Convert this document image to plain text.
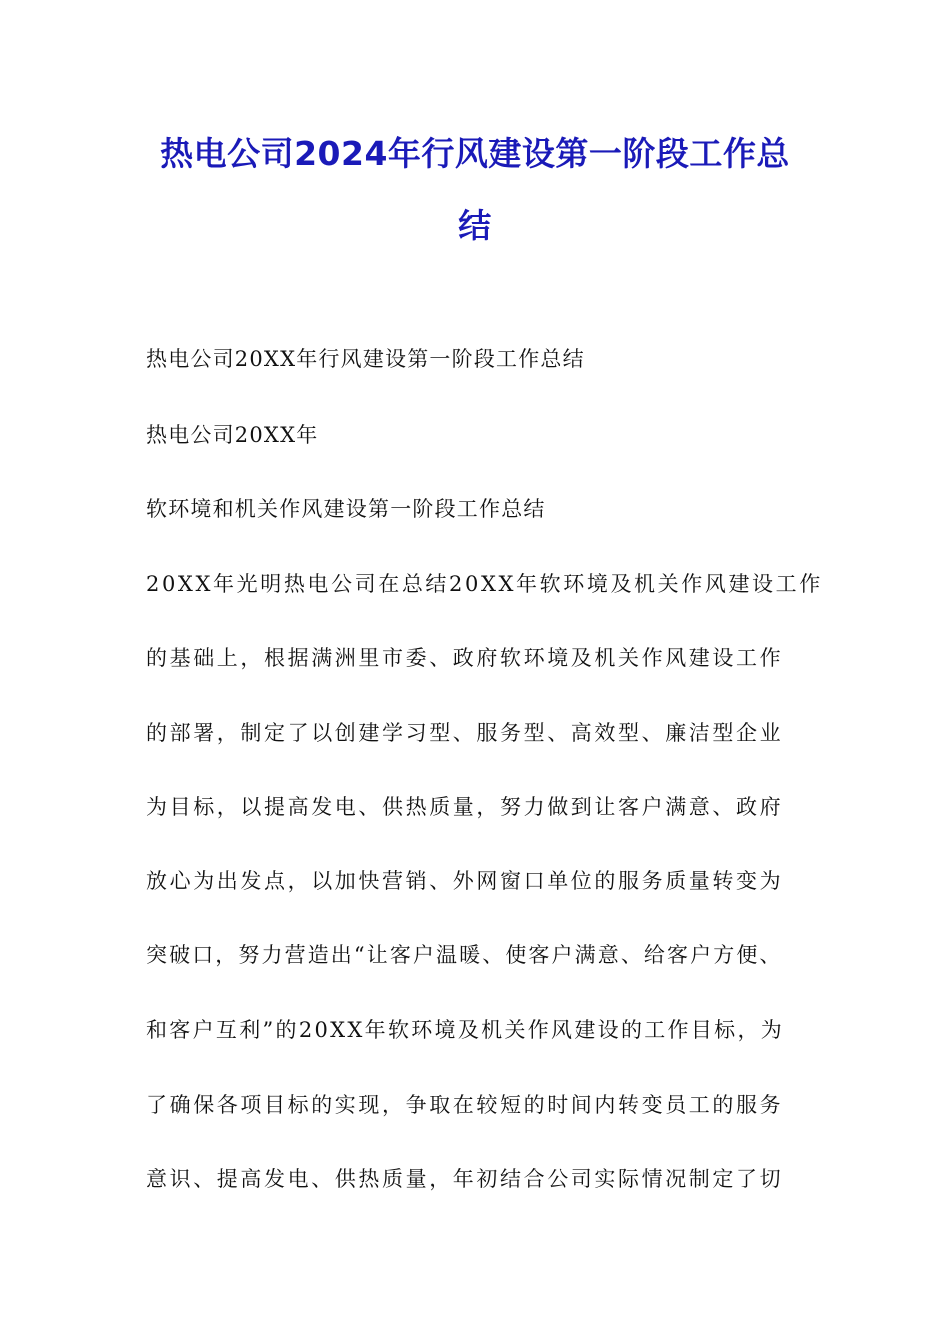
热电公司2024年行风建设第一阶段工作总
结

热电公司20XX年行风建设第一阶段工作总结

热电公司20XX年

软环境和机关作风建设第一阶段工作总结

20XX年光明热电公司在总结20XX年软环境及机关作风建设工作

的基础上，根据满洲里市委、政府软环境及机关作风建设工作

的部署，制定了以创建学习型、服务型、高效型、廉洁型企业

为目标，以提高发电、供热质量，努力做到让客户满意、政府

放心为出发点，以加快营销、外网窗口单位的服务质量转变为

突破口，努力营造出“让客户温暖、使客户满意、给客户方便、

和客户互利”的20XX年软环境及机关作风建设的工作目标，为

了确保各项目标的实现，争取在较短的时间内转变员工的服务

意识、提高发电、供热质量，年初结合公司实际情况制定了切
